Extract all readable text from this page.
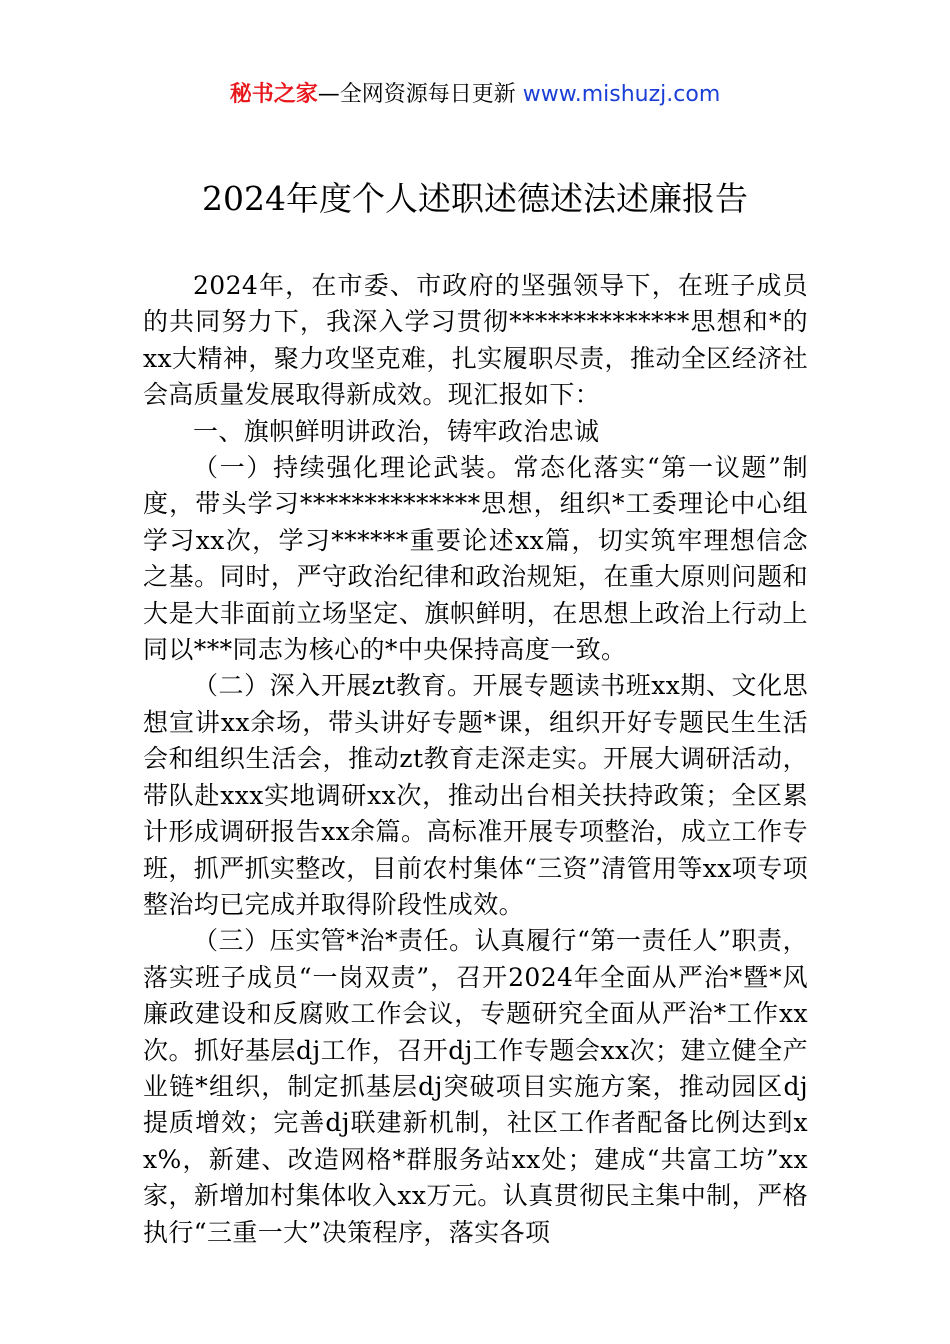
秘书之家—全网资源每日更新 www.mishuzj.com
2024年度个人述职述德述法述廉报告

2024年，在市委、市政府的坚强领导下，在班子成员的共同努力下，我深入学习贯彻**************思想和*的xx大精神，聚力攻坚克难，扎实履职尽责，推动全区经济社会高质量发展取得新成效。现汇报如下：

一、旗帜鲜明讲政治，铸牢政治忠诚

（一）持续强化理论武装。常态化落实“第一议题”制度，带头学习**************思想，组织*工委理论中心组学习xx次，学习******重要论述xx篇，切实筑牢理想信念之基。同时，严守政治纪律和政治规矩，在重大原则问题和大是大非面前立场坚定、旗帜鲜明，在思想上政治上行动上同以***同志为核心的*中央保持高度一致。

（二）深入开展zt教育。开展专题读书班xx期、文化思想宣讲xx余场，带头讲好专题*课，组织开好专题民生生活会和组织生活会，推动zt教育走深走实。开展大调研活动，带队赴xxx实地调研xx次，推动出台相关扶持政策；全区累计形成调研报告xx余篇。高标准开展专项整治，成立工作专班，抓严抓实整改，目前农村集体“三资”清管用等xx项专项整治均已完成并取得阶段性成效。

（三）压实管*治*责任。认真履行“第一责任人”职责，落实班子成员“一岗双责”，召开2024年全面从严治*暨*风廉政建设和反腐败工作会议，专题研究全面从严治*工作xx次。抓好基层dj工作，召开dj工作专题会xx次；建立健全产业链*组织，制定抓基层dj突破项目实施方案，推动园区dj提质增效；完善dj联建新机制，社区工作者配备比例达到xx%，新建、改造网格*群服务站xx处；建成“共富工坊”xx家，新增加村集体收入xx万元。认真贯彻民主集中制，严格执行“三重一大”决策程序，落实各项
